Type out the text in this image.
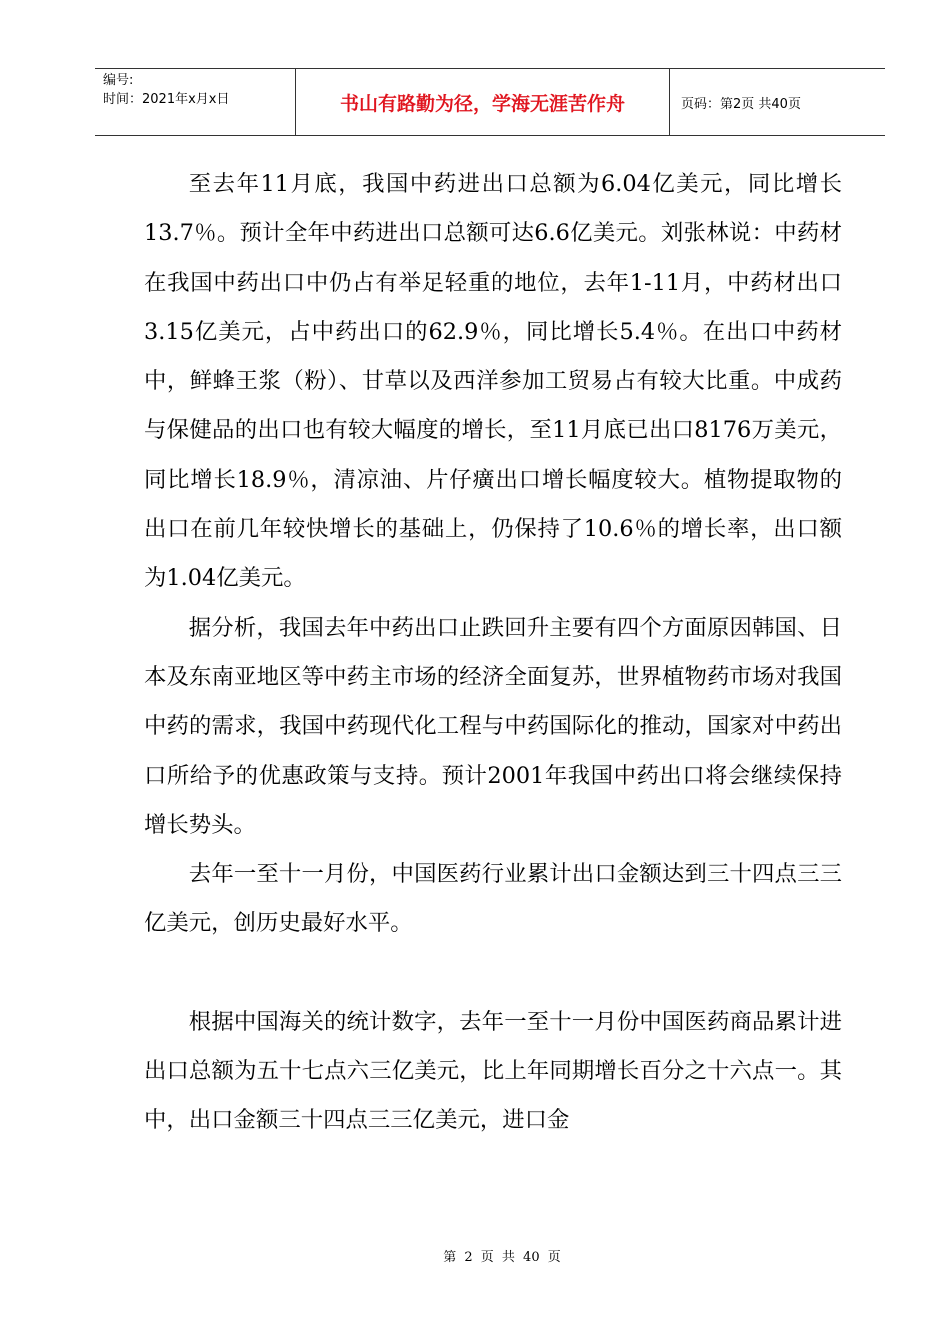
编号:
时间：2021年x月x日	书山有路勤为径，学海无涯苦作舟	页码：第2页 共40页

至去年11月底，我国中药进出口总额为6.04亿美元，同比增长13.7％。预计全年中药进出口总额可达6.6亿美元。刘张林说：中药材在我国中药出口中仍占有举足轻重的地位，去年1-11月，中药材出口3.15亿美元，占中药出口的62.9％，同比增长5.4％。在出口中药材中，鲜蜂王浆（粉）、甘草以及西洋参加工贸易占有较大比重。中成药与保健品的出口也有较大幅度的增长，至11月底已出口8176万美元，同比增长18.9％，清凉油、片仔癀出口增长幅度较大。植物提取物的出口在前几年较快增长的基础上，仍保持了10.6％的增长率，出口额为1.04亿美元。

据分析，我国去年中药出口止跌回升主要有四个方面原因韩国、日本及东南亚地区等中药主市场的经济全面复苏，世界植物药市场对我国中药的需求，我国中药现代化工程与中药国际化的推动，国家对中药出口所给予的优惠政策与支持。预计2001年我国中药出口将会继续保持增长势头。

去年一至十一月份，中国医药行业累计出口金额达到三十四点三三亿美元，创历史最好水平。

根据中国海关的统计数字，去年一至十一月份中国医药商品累计进出口总额为五十七点六三亿美元，比上年同期增长百分之十六点一。其中，出口金额三十四点三三亿美元，进口金

第 2 页 共 40 页
